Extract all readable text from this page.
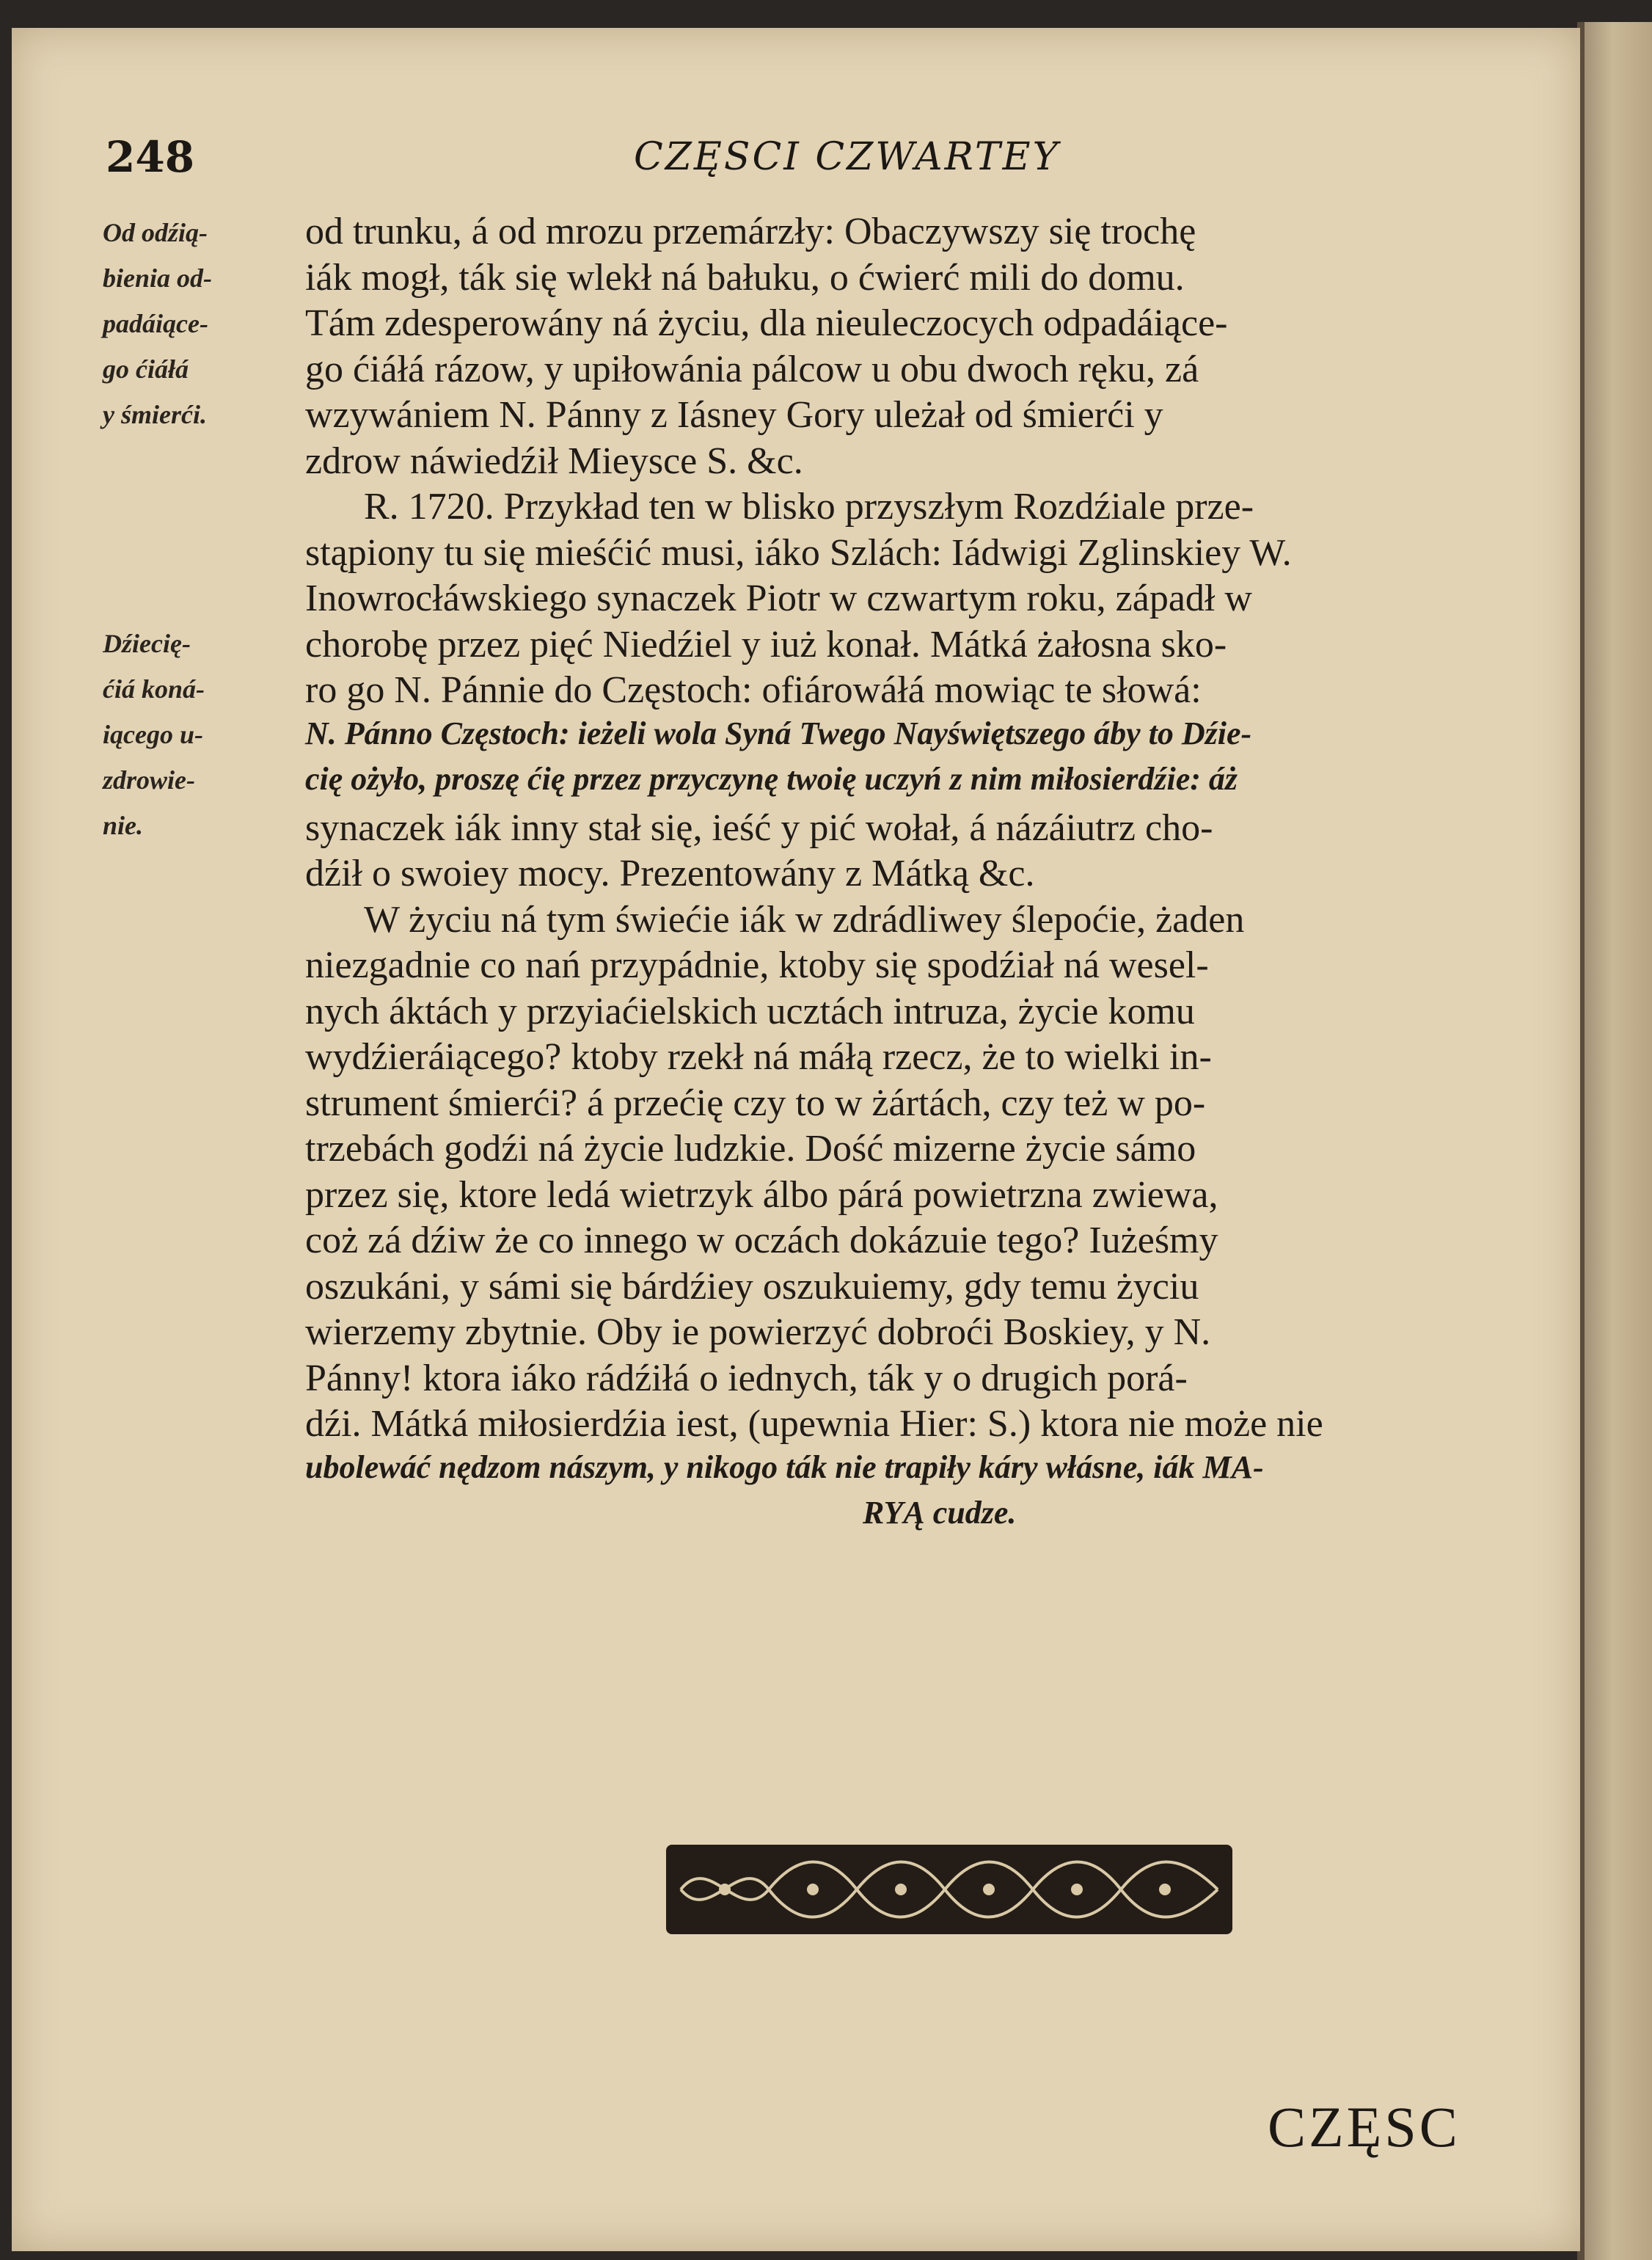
248	CZĘSCI CZWARTEY
Od odźią-
bienia od-
padáiące-
go ćiáłá
y śmierći.
Dźiecię-
ćiá koná-
iącego u-
zdrowie-
nie.
od trunku, á od mrozu przemárzły: Obaczywszy się trochę
iák mogł, ták się wlekł ná bałuku, o ćwierć mili do domu.
Tám zdesperowány ná życiu, dla nieuleczocych odpadáiące-
go ćiáłá rázow, y upiłowánia pálcow u obu dwoch ręku, zá
wzywániem N. Pánny z Iásney Gory uleżał od śmierći y
zdrow náwiedźił Mieysce S. &c.
R. 1720. Przykład ten w blisko przyszłym Rozdźiale prze-
stąpiony tu się mieśćić musi, iáko Szlách: Iádwigi Zglinskiey W.
Inowrocłáwskiego synaczek Piotr w czwartym roku, západł w
chorobę przez pięć Niedźiel y iuż konał. Mátká żałosna sko-
ro go N. Pánnie do Częstoch: ofiárowáłá mowiąc te słowá:
N. Pánno Częstoch: ieżeli wola Syná Twego Nayświętszego áby to Dźie-
cię ożyło, proszę ćię przez przyczynę twoię uczyń z nim miłosierdźie: áż
synaczek iák inny stał się, ieść y pić wołał, á názáiutrz cho-
dźił o swoiey mocy. Prezentowány z Mátką &c.
W życiu ná tym świećie iák w zdrádliwey ślepoćie, żaden
niezgadnie co nań przypádnie, ktoby się spodźiał ná wesel-
nych áktách y przyiaćielskich ucztách intruza, życie komu
wydźieráiącego? ktoby rzekł ná máłą rzecz, że to wielki in-
strument śmierći? á przećię czy to w żártách, czy też w po-
trzebách godźi ná życie ludzkie. Dość mizerne życie sámo
przez się, ktore ledá wietrzyk álbo párá powietrzna zwiewa,
coż zá dźiw że co innego w oczách dokázuie tego? Iużeśmy
oszukáni, y sámi się bárdźiey oszukuiemy, gdy temu życiu
wierzemy zbytnie. Oby ie powierzyć dobroći Boskiey, y N.
Pánny! ktora iáko rádźiłá o iednych, ták y o drugich porá-
dźi. Mátká miłosierdźia iest, (upewnia Hier: S.) ktora nie może nie
ubolewáć nędzom nászym, y nikogo ták nie trapiły káry włásne, iák MA-
RYĄ cudze.
CZĘSC
